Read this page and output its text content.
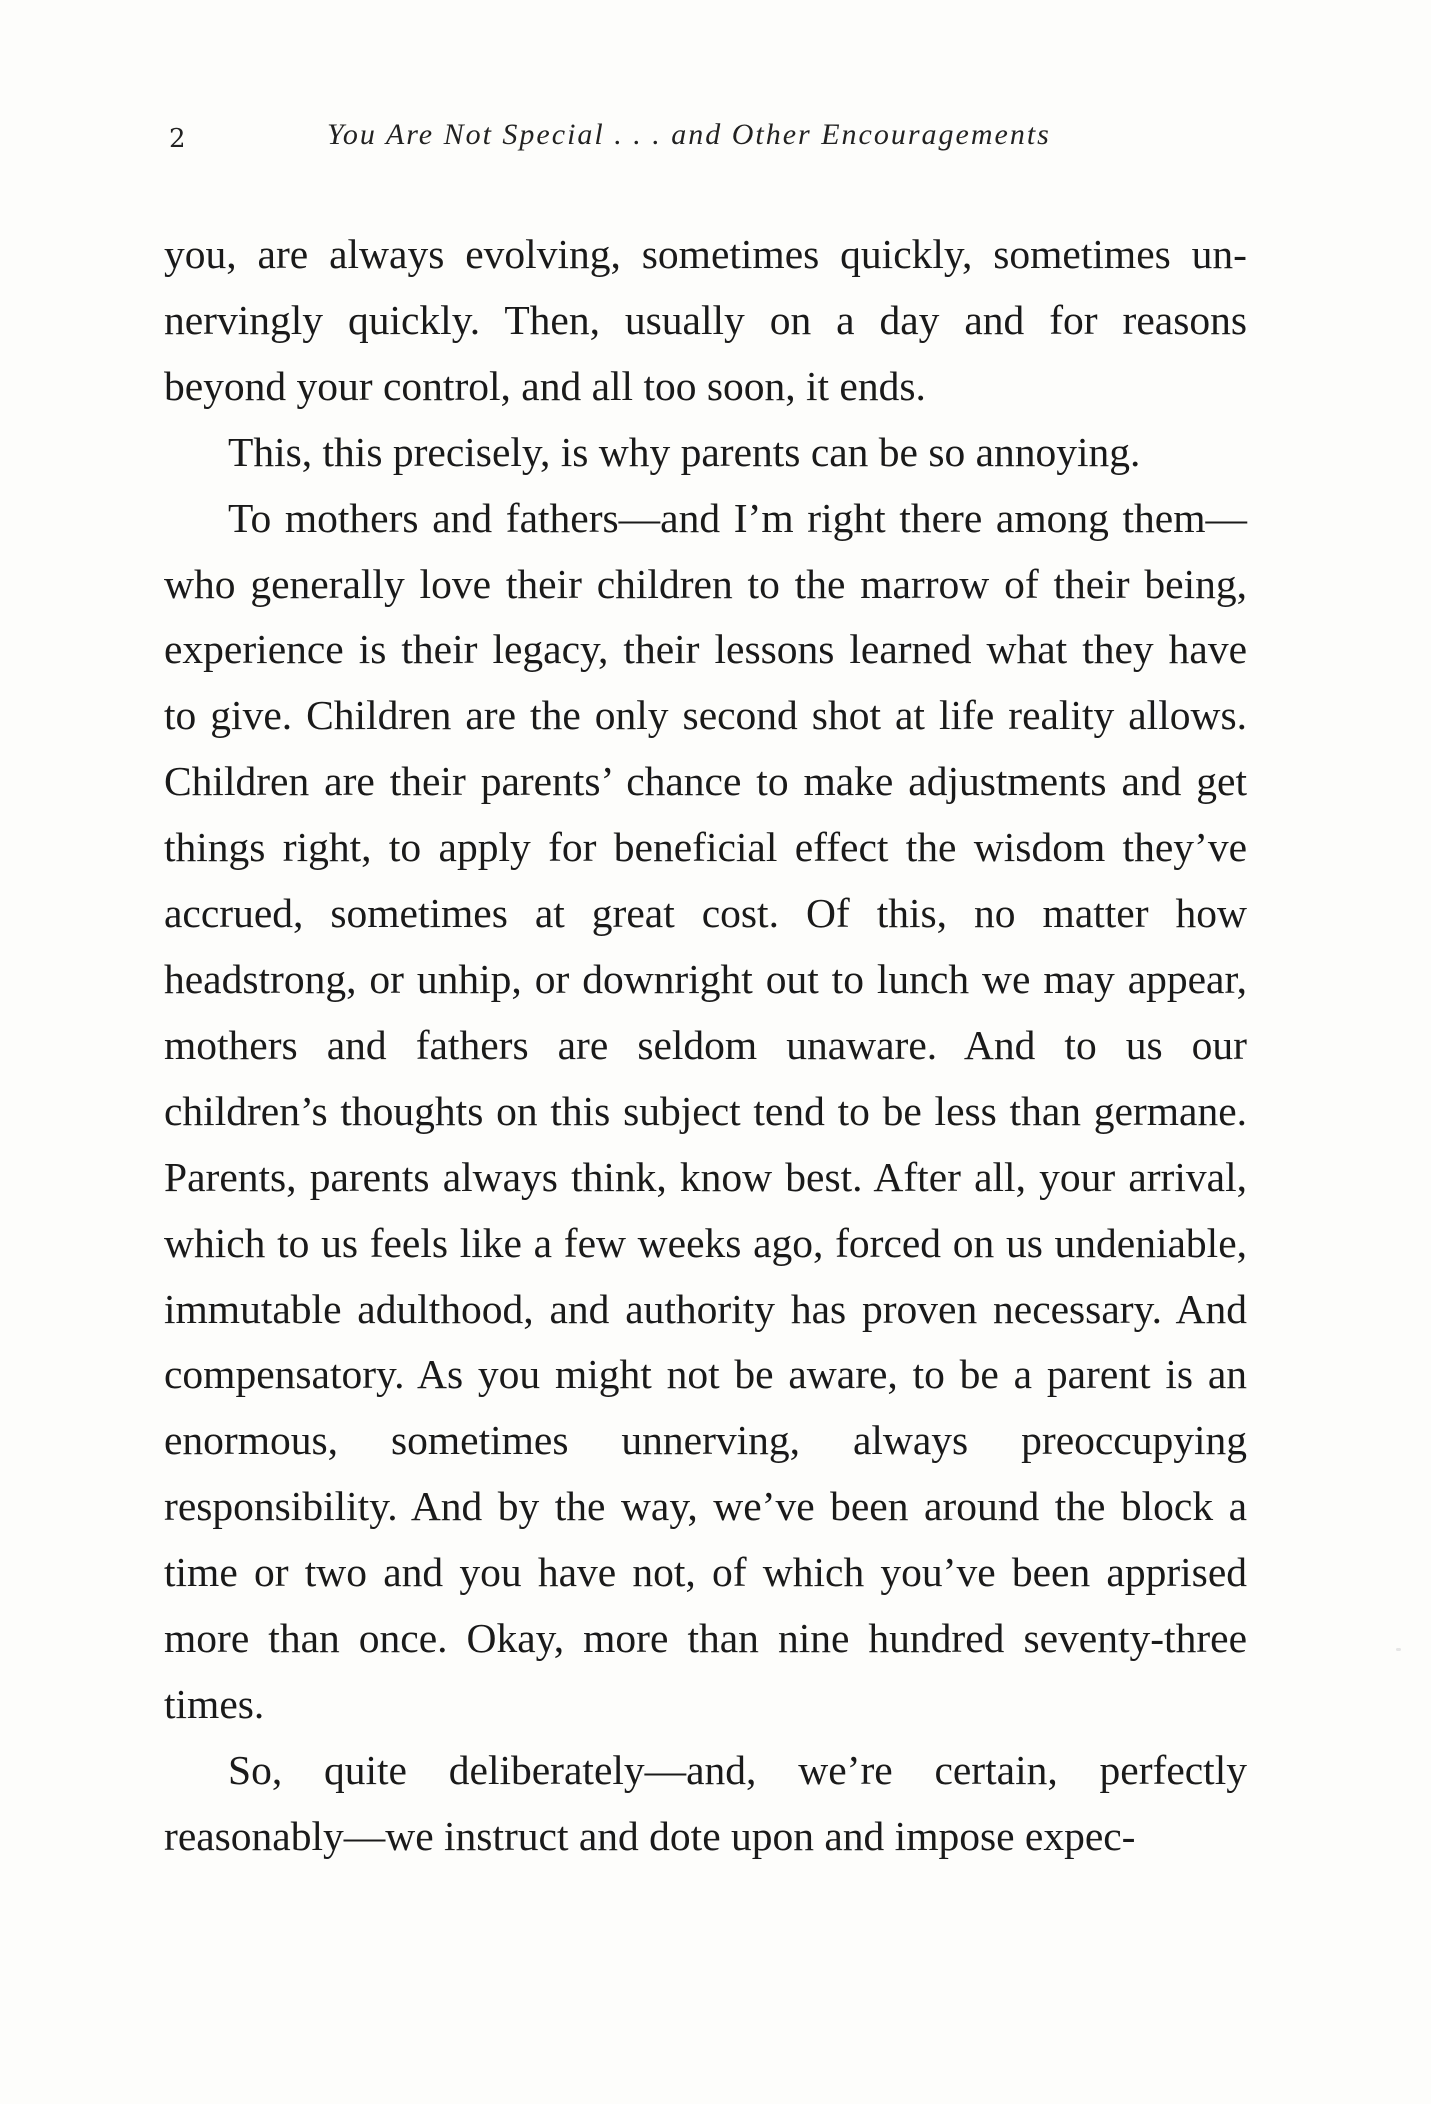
2	You Are Not Special . . . and Other Encouragements

you, are always evolving, sometimes quickly, sometimes unnervingly quickly. Then, usually on a day and for reasons beyond your control, and all too soon, it ends.

This, this precisely, is why parents can be so annoying.

To mothers and fathers—and I’m right there among them—who generally love their children to the marrow of their being, experience is their legacy, their lessons learned what they have to give. Children are the only second shot at life reality allows. Children are their parents’ chance to make adjustments and get things right, to apply for beneficial effect the wisdom they’ve accrued, sometimes at great cost. Of this, no matter how headstrong, or unhip, or downright out to lunch we may appear, mothers and fathers are seldom unaware. And to us our children’s thoughts on this subject tend to be less than germane. Parents, parents always think, know best. After all, your arrival, which to us feels like a few weeks ago, forced on us undeniable, immutable adulthood, and authority has proven necessary. And compensatory. As you might not be aware, to be a parent is an enormous, sometimes unnerving, always preoccupying responsibility. And by the way, we’ve been around the block a time or two and you have not, of which you’ve been apprised more than once. Okay, more than nine hundred seventy-three times.

So, quite deliberately—and, we’re certain, perfectly reasonably—we instruct and dote upon and impose expec-
